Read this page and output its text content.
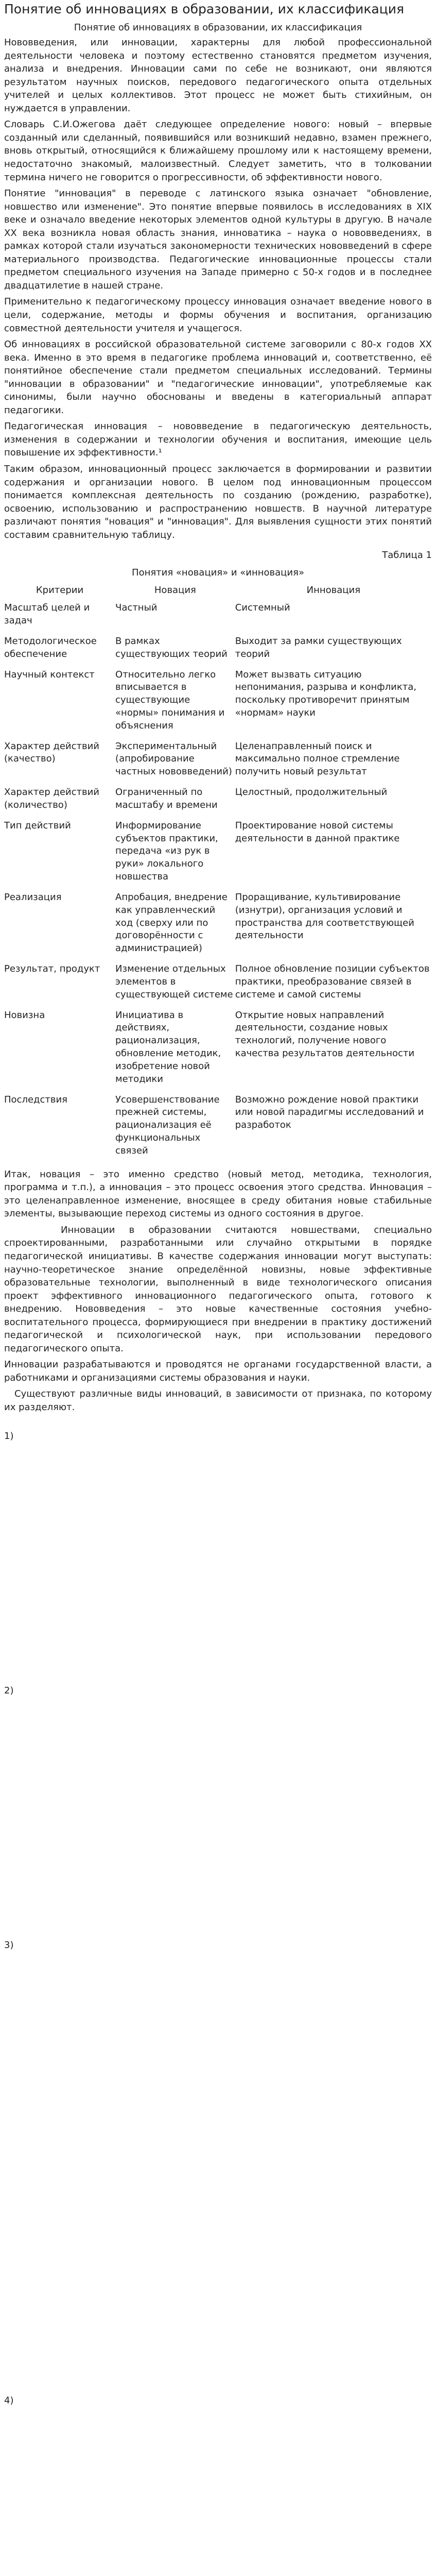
Понятие об инновациях в образовании, их классификация
Понятие об инновациях в образовании, их классификация

Нововведения, или инновации, характерны для любой профессиональной деятельности человека и поэтому естественно становятся предметом изучения, анализа и внедрения. Инновации сами по себе не возникают, они являются результатом научных поисков, передового педагогического опыта отдельных учителей и целых коллективов. Этот процесс не может быть стихийным, он нуждается в управлении.

Словарь С.И.Ожегова даёт следующее определение нового: новый – впервые созданный или сделанный, появившийся или возникший недавно, взамен прежнего, вновь открытый, относящийся к ближайшему прошлому или к настоящему времени, недостаточно знакомый, малоизвестный. Следует заметить, что в толковании термина ничего не говорится о прогрессивности, об эффективности нового.

Понятие "инновация" в переводе с латинского языка означает "обновление, новшество или изменение". Это понятие впервые появилось в исследованиях в XIX веке и означало введение некоторых элементов одной культуры в другую. В начале XX века возникла новая область знания, инноватика – наука о нововведениях, в рамках которой стали изучаться закономерности технических нововведений в сфере материального производства. Педагогические инновационные процессы стали предметом специального изучения на Западе примерно с 50-х годов и в последнее двадцатилетие в нашей стране.

Применительно к педагогическому процессу инновация означает введение нового в цели, содержание, методы и формы обучения и воспитания, организацию совместной деятельности учителя и учащегося.

Об инновациях в российской образовательной системе заговорили с 80-х годов XX века. Именно в это время в педагогике проблема инноваций и, соответственно, её понятийное обеспечение стали предметом специальных исследований. Термины "инновации в образовании" и "педагогические инновации", употребляемые как синонимы, были научно обоснованы и введены в категориальный аппарат педагогики.

Педагогическая инновация – нововведение в педагогическую деятельность, изменения в содержании и технологии обучения и воспитания, имеющие цель повышение их эффективности.¹

Таким образом, инновационный процесс заключается в формировании и развитии содержания и организации нового. В целом под инновационным процессом понимается комплексная деятельность по созданию (рождению, разработке), освоению, использованию и распространению новшеств. В научной литературе различают понятия "новация" и "инновация". Для выявления сущности этих понятий составим сравнительную таблицу.

Таблица 1
Понятия «новация» и «инновация»
Критерии	Новация	Инновация
Масштаб целей и задач	Частный	Системный
Методологическое обеспечение	В рамках существующих теорий	Выходит за рамки существующих теорий
Научный контекст	Относительно легко вписывается в существующие «нормы» понимания и объяснения	Может вызвать ситуацию непонимания, разрыва и конфликта, поскольку противоречит принятым «нормам» науки
Характер действий (качество)	Экспериментальный (апробирование частных нововведений)	Целенаправленный поиск и максимально полное стремление получить новый результат
Характер действий (количество)	Ограниченный по масштабу и времени	Целостный, продолжительный
Тип действий	Информирование субъектов практики, передача «из рук в руки» локального новшества	Проектирование новой системы деятельности в данной практике
Реализация	Апробация, внедрение как управленческий ход (сверху или по договорённости с администрацией)	Проращивание, культивирование (изнутри), организация условий и пространства для соответствующей деятельности
Результат, продукт	Изменение отдельных элементов в существующей системе	Полное обновление позиции субъектов практики, преобразование связей в системе и самой системы
Новизна	Инициатива в действиях, рационализация, обновление методик, изобретение новой методики	Открытие новых направлений деятельности, создание новых технологий, получение нового качества результатов деятельности
Последствия	Усовершенствование прежней системы, рационализация её функциональных связей	Возможно рождение новой практики или новой парадигмы исследований и разработок

Итак, новация – это именно средство (новый метод, методика, технология, программа и т.п.), а инновация – это процесс освоения этого средства. Инновация – это целенаправленное изменение, вносящее в среду обитания новые стабильные элементы, вызывающие переход системы из одного состояния в другое.

Инновации в образовании считаются новшествами, специально спроектированными, разработанными или случайно открытыми в порядке педагогической инициативы. В качестве содержания инновации могут выступать: научно-теоретическое знание определённой новизны, новые эффективные образовательные технологии, выполненный в виде технологического описания проект эффективного инновационного педагогического опыта, готового к внедрению. Нововведения – это новые качественные состояния учебно-воспитательного процесса, формирующиеся при внедрении в практику достижений педагогической и психологической наук, при использовании передового педагогического опыта.

Инновации разрабатываются и проводятся не органами государственной власти, а работниками и организациями системы образования и науки.

Существуют различные виды инноваций, в зависимости от признака, по которому их разделяют.

1)
2)
3)
4)
